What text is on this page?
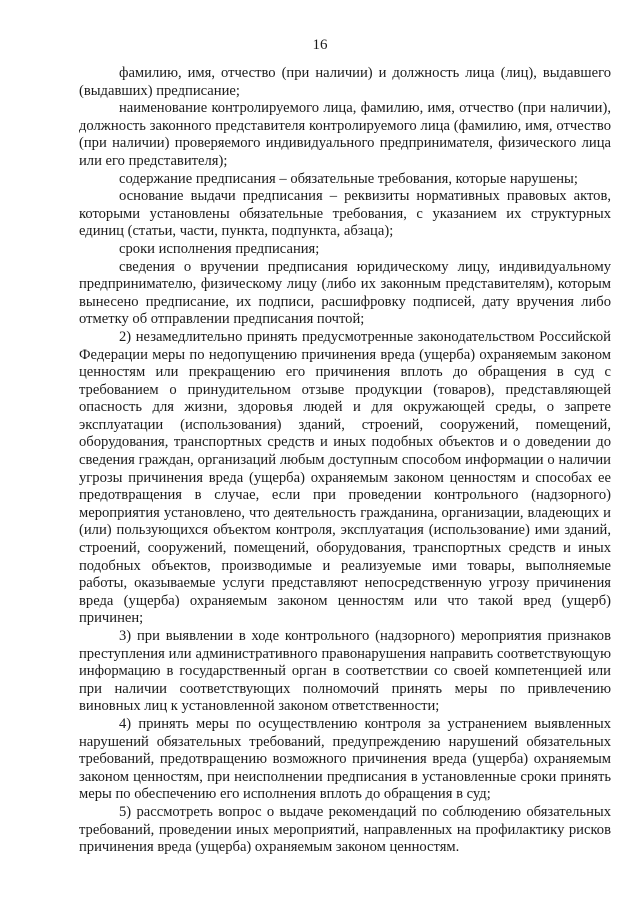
16

фамилию, имя, отчество (при наличии) и должность лица (лиц), выдавшего (выдавших) предписание;

наименование контролируемого лица, фамилию, имя, отчество (при наличии), должность законного представителя контролируемого лица (фамилию, имя, отчество (при наличии) проверяемого индивидуального предпринимателя, физического лица или его представителя);

содержание предписания – обязательные требования, которые нарушены;

основание выдачи предписания – реквизиты нормативных правовых актов, которыми установлены обязательные требования, с указанием их структурных единиц (статьи, части, пункта, подпункта, абзаца);

сроки исполнения предписания;

сведения о вручении предписания юридическому лицу, индивидуальному предпринимателю, физическому лицу (либо их законным представителям), которым вынесено предписание, их подписи, расшифровку подписей, дату вручения либо отметку об отправлении предписания почтой;

2) незамедлительно принять предусмотренные законодательством Российской Федерации меры по недопущению причинения вреда (ущерба) охраняемым законом ценностям или прекращению его причинения вплоть до обращения в суд с требованием о принудительном отзыве продукции (товаров), представляющей опасность для жизни, здоровья людей и для окружающей среды, о запрете эксплуатации (использования) зданий, строений, сооружений, помещений, оборудования, транспортных средств и иных подобных объектов и о доведении до сведения граждан, организаций любым доступным способом информации о наличии угрозы причинения вреда (ущерба) охраняемым законом ценностям и способах ее предотвращения в случае, если при проведении контрольного (надзорного) мероприятия установлено, что деятельность гражданина, организации, владеющих и (или) пользующихся объектом контроля, эксплуатация (использование) ими зданий, строений, сооружений, помещений, оборудования, транспортных средств и иных подобных объектов, производимые и реализуемые ими товары, выполняемые работы, оказываемые услуги представляют непосредственную угрозу причинения вреда (ущерба) охраняемым законом ценностям или что такой вред (ущерб) причинен;

3) при выявлении в ходе контрольного (надзорного) мероприятия признаков преступления или административного правонарушения направить соответствующую информацию в государственный орган в соответствии со своей компетенцией или при наличии соответствующих полномочий принять меры по привлечению виновных лиц к установленной законом ответственности;

4) принять меры по осуществлению контроля за устранением выявленных нарушений обязательных требований, предупреждению нарушений обязательных требований, предотвращению возможного причинения вреда (ущерба) охраняемым законом ценностям, при неисполнении предписания в установленные сроки принять меры по обеспечению его исполнения вплоть до обращения в суд;

5) рассмотреть вопрос о выдаче рекомендаций по соблюдению обязательных требований, проведении иных мероприятий, направленных на профилактику рисков причинения вреда (ущерба) охраняемым законом ценностям.
